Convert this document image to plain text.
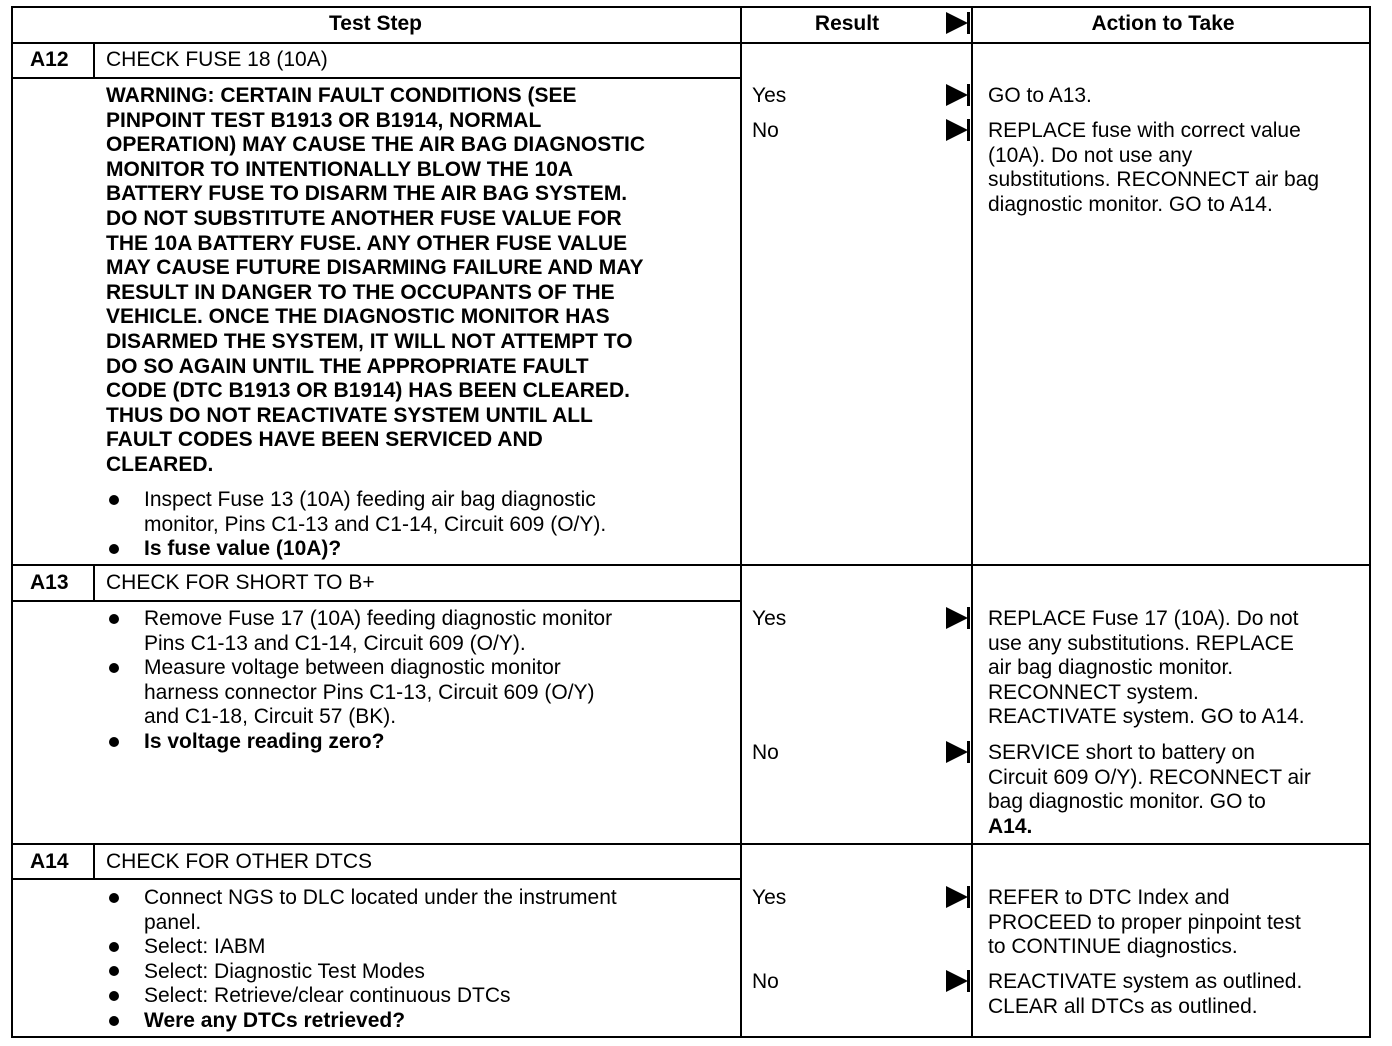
Test Step	Result	Action to Take
A12 CHECK FUSE 18 (10A)
WARNING: CERTAIN FAULT CONDITIONS (SEE
PINPOINT TEST B1913 OR B1914, NORMAL
OPERATION) MAY CAUSE THE AIR BAG DIAGNOSTIC
MONITOR TO INTENTIONALLY BLOW THE 10A
BATTERY FUSE TO DISARM THE AIR BAG SYSTEM.
DO NOT SUBSTITUTE ANOTHER FUSE VALUE FOR
THE 10A BATTERY FUSE. ANY OTHER FUSE VALUE
MAY CAUSE FUTURE DISARMING FAILURE AND MAY
RESULT IN DANGER TO THE OCCUPANTS OF THE
VEHICLE. ONCE THE DIAGNOSTIC MONITOR HAS
DISARMED THE SYSTEM, IT WILL NOT ATTEMPT TO
DO SO AGAIN UNTIL THE APPROPRIATE FAULT
CODE (DTC B1913 OR B1914) HAS BEEN CLEARED.
THUS DO NOT REACTIVATE SYSTEM UNTIL ALL
FAULT CODES HAVE BEEN SERVICED AND
CLEARED.
Inspect Fuse 13 (10A) feeding air bag diagnostic
monitor, Pins C1-13 and C1-14, Circuit 609 (O/Y).
Is fuse value (10A)?
Yes	GO to A13.
No	REPLACE fuse with correct value
(10A). Do not use any
substitutions. RECONNECT air bag
diagnostic monitor. GO to A14.
A13 CHECK FOR SHORT TO B+
Remove Fuse 17 (10A) feeding diagnostic monitor
Pins C1-13 and C1-14, Circuit 609 (O/Y).
Measure voltage between diagnostic monitor
harness connector Pins C1-13, Circuit 609 (O/Y)
and C1-18, Circuit 57 (BK).
Is voltage reading zero?
Yes	REPLACE Fuse 17 (10A). Do not
use any substitutions. REPLACE
air bag diagnostic monitor.
RECONNECT system.
REACTIVATE system. GO to A14.
No	SERVICE short to battery on
Circuit 609 O/Y). RECONNECT air
bag diagnostic monitor. GO to
A14.
A14 CHECK FOR OTHER DTCS
Connect NGS to DLC located under the instrument
panel.
Select: IABM
Select: Diagnostic Test Modes
Select: Retrieve/clear continuous DTCs
Were any DTCs retrieved?
Yes	REFER to DTC Index and
PROCEED to proper pinpoint test
to CONTINUE diagnostics.
No	REACTIVATE system as outlined.
CLEAR all DTCs as outlined.
